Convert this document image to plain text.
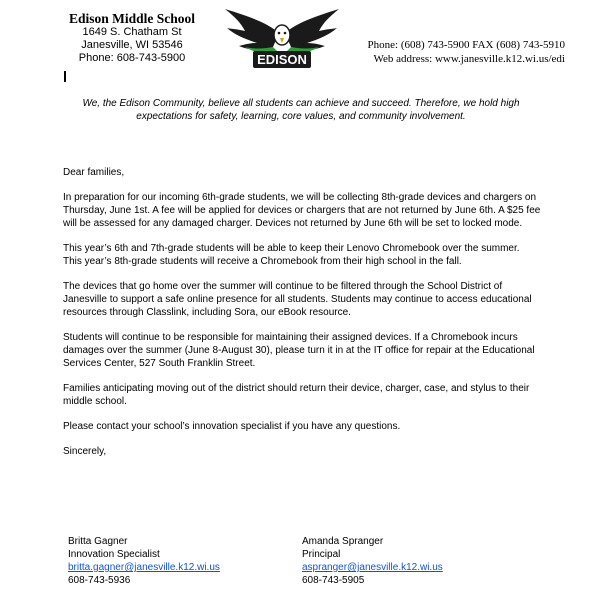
Edison Middle School
1649 S. Chatham St
Janesville, WI 53546
Phone: 608-743-5900	EDISON
Phone: (608) 743-5900 FAX (608) 743-5910
Web address: www.janesville.k12.wi.us/edi
We, the Edison Community, believe all students can achieve and succeed. Therefore, we hold high expectations for safety, learning, core values, and community involvement.

Dear families,

In preparation for our incoming 6th-grade students, we will be collecting 8th-grade devices and chargers on Thursday, June 1st. A fee will be applied for devices or chargers that are not returned by June 6th. A $25 fee will be assessed for any damaged charger. Devices not returned by June 6th will be set to locked mode.

This year’s 6th and 7th-grade students will be able to keep their Lenovo Chromebook over the summer. This year’s 8th-grade students will receive a Chromebook from their high school in the fall.

The devices that go home over the summer will continue to be filtered through the School District of Janesville to support a safe online presence for all students. Students may continue to access educational resources through Classlink, including Sora, our eBook resource.

Students will continue to be responsible for maintaining their assigned devices. If a Chromebook incurs damages over the summer (June 8-August 30), please turn it in at the IT office for repair at the Educational Services Center, 527 South Franklin Street.

Families anticipating moving out of the district should return their device, charger, case, and stylus to their middle school.

Please contact your school’s innovation specialist if you have any questions.

Sincerely,

Britta Gagner
Innovation Specialist
britta.gagner@janesville.k12.wi.us
608-743-5936
Amanda Spranger
Principal
aspranger@janesville.k12.wi.us
608-743-5905
